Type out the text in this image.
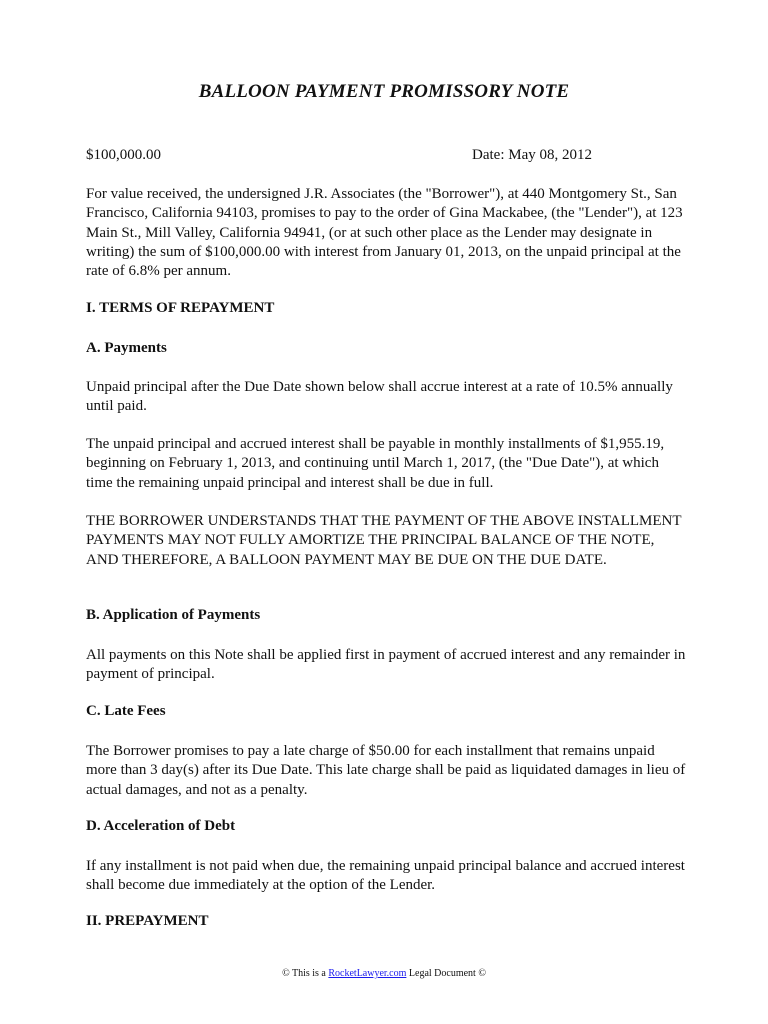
BALLOON PAYMENT PROMISSORY NOTE
$100,000.00	Date: May 08, 2012
For value received, the undersigned J.R. Associates (the "Borrower"), at 440 Montgomery St., San Francisco, California 94103, promises to pay to the order of Gina Mackabee, (the "Lender"), at 123 Main St., Mill Valley, California 94941, (or at such other place as the Lender may designate in writing) the sum of $100,000.00 with interest from January 01, 2013, on the unpaid principal at the rate of 6.8% per annum.
I. TERMS OF REPAYMENT
A. Payments
Unpaid principal after the Due Date shown below shall accrue interest at a rate of 10.5% annually until paid.
The unpaid principal and accrued interest shall be payable in monthly installments of $1,955.19, beginning on February 1, 2013, and continuing until March 1, 2017, (the "Due Date"), at which time the remaining unpaid principal and interest shall be due in full.
THE BORROWER UNDERSTANDS THAT THE PAYMENT OF THE ABOVE INSTALLMENT PAYMENTS MAY NOT FULLY AMORTIZE THE PRINCIPAL BALANCE OF THE NOTE, AND THEREFORE, A BALLOON PAYMENT MAY BE DUE ON THE DUE DATE.
B. Application of Payments
All payments on this Note shall be applied first in payment of accrued interest and any remainder in payment of principal.
C. Late Fees
The Borrower promises to pay a late charge of $50.00 for each installment that remains unpaid more than 3 day(s) after its Due Date. This late charge shall be paid as liquidated damages in lieu of actual damages, and not as a penalty.
D. Acceleration of Debt
If any installment is not paid when due, the remaining unpaid principal balance and accrued interest shall become due immediately at the option of the Lender.
II. PREPAYMENT
© This is a RocketLawyer.com Legal Document ©
